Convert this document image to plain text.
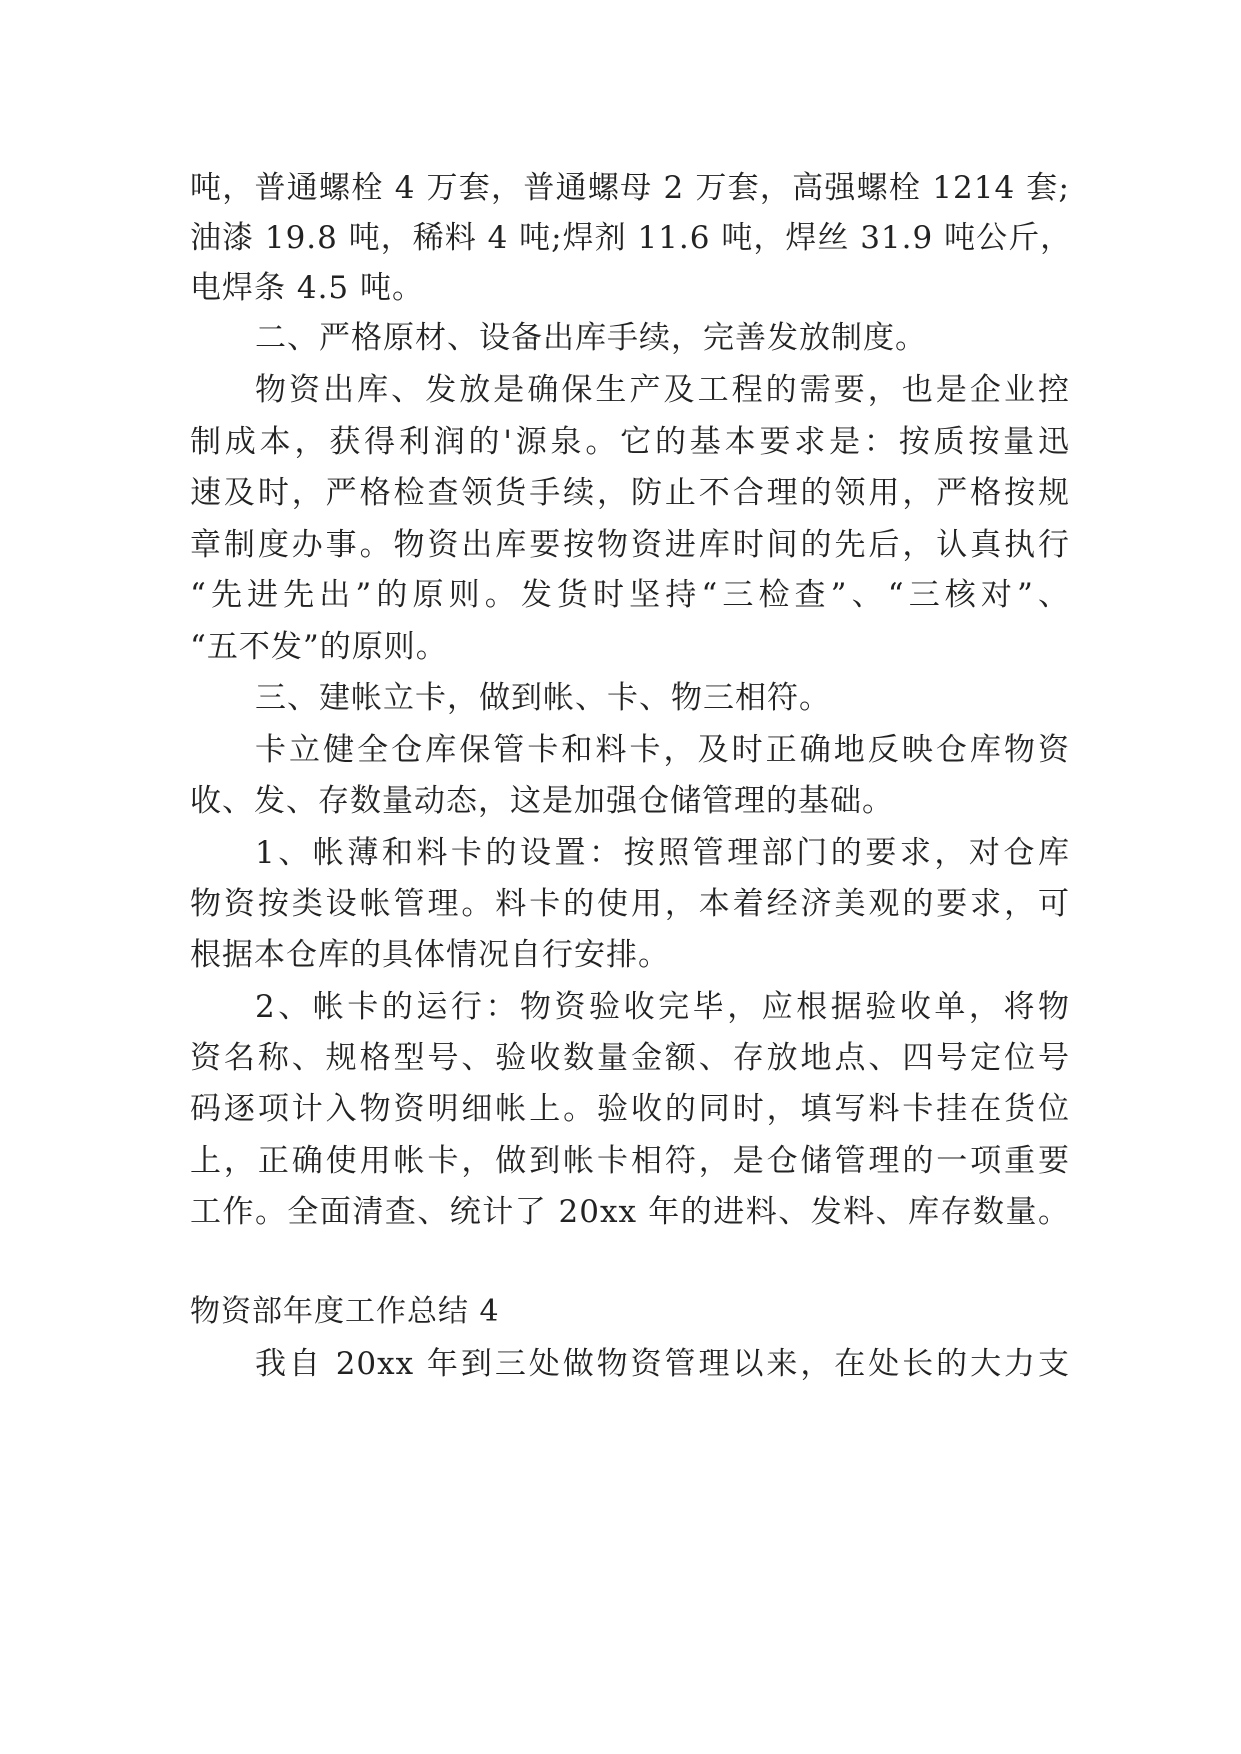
吨，普通螺栓 4 万套，普通螺母 2 万套，高强螺栓 1214 套;
油漆 19.8 吨，稀料 4 吨;焊剂 11.6 吨，焊丝 31.9 吨公斤，
电焊条 4.5 吨。
二、严格原材、设备出库手续，完善发放制度。
物资出库、发放是确保生产及工程的需要，也是企业控
制成本，获得利润的'源泉。它的基本要求是：按质按量迅
速及时，严格检查领货手续，防止不合理的领用，严格按规
章制度办事。物资出库要按物资进库时间的先后，认真执行
“先进先出”的原则。发货时坚持“三检查”、“三核对”、
“五不发”的原则。
三、建帐立卡，做到帐、卡、物三相符。
卡立健全仓库保管卡和料卡，及时正确地反映仓库物资
收、发、存数量动态，这是加强仓储管理的基础。
1、帐薄和料卡的设置：按照管理部门的要求，对仓库
物资按类设帐管理。料卡的使用，本着经济美观的要求，可
根据本仓库的具体情况自行安排。
2、帐卡的运行：物资验收完毕，应根据验收单，将物
资名称、规格型号、验收数量金额、存放地点、四号定位号
码逐项计入物资明细帐上。验收的同时，填写料卡挂在货位
上，正确使用帐卡，做到帐卡相符，是仓储管理的一项重要
工作。全面清查、统计了 20xx 年的进料、发料、库存数量。
物资部年度工作总结 4
我自 20xx 年到三处做物资管理以来，在处长的大力支
